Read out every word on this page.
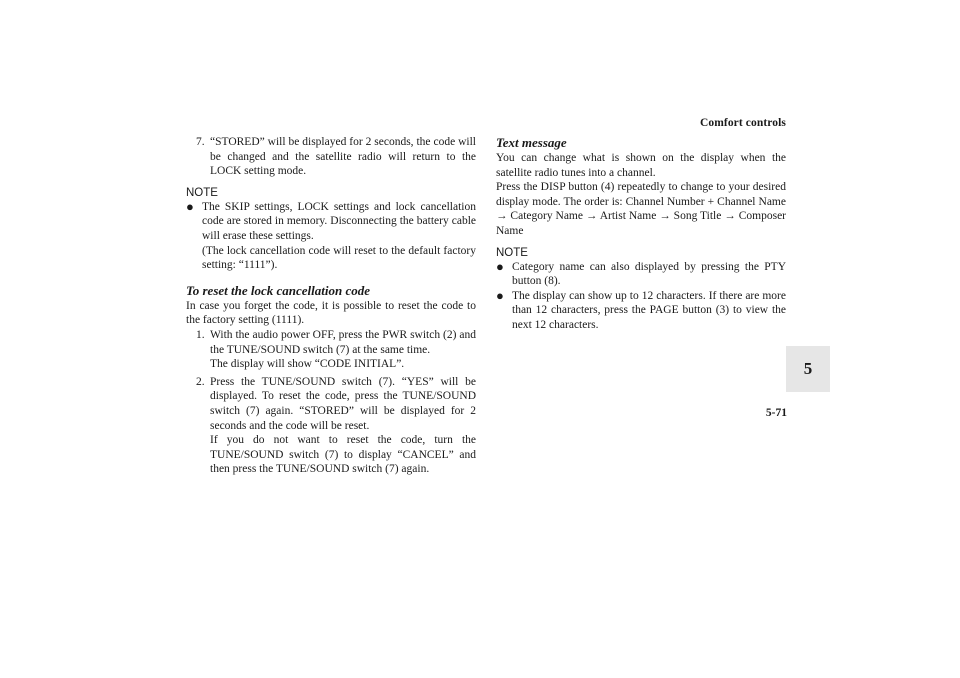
Comfort controls
5-71
5
7. “STORED” will be displayed for 2 seconds, the code will be changed and the satellite radio will return to the LOCK setting mode.

NOTE
● The SKIP settings, LOCK settings and lock cancellation code are stored in memory. Disconnecting the battery cable will erase these settings.

(The lock cancellation code will reset to the default factory setting: “1111”).

To reset the lock cancellation code

In case you forget the code, it is possible to reset the code to the factory setting (1111).

1. With the audio power OFF, press the PWR switch (2) and the TUNE/SOUND switch (7) at the same time.

The display will show “CODE INITIAL”.

2. Press the TUNE/SOUND switch (7). “YES” will be displayed. To reset the code, press the TUNE/SOUND switch (7) again. “STORED” will be displayed for 2 seconds and the code will be reset.

If you do not want to reset the code, turn the TUNE/SOUND switch (7) to display “CANCEL” and then press the TUNE/SOUND switch (7) again.

Text message

You can change what is shown on the display when the satellite radio tunes into a channel.

Press the DISP button (4) repeatedly to change to your desired display mode. The order is: Channel Number + Channel Name → Category Name → Artist Name → Song Title → Composer Name

NOTE
● Category name can also displayed by pressing the PTY button (8).

● The display can show up to 12 characters. If there are more than 12 characters, press the PAGE button (3) to view the next 12 characters.
